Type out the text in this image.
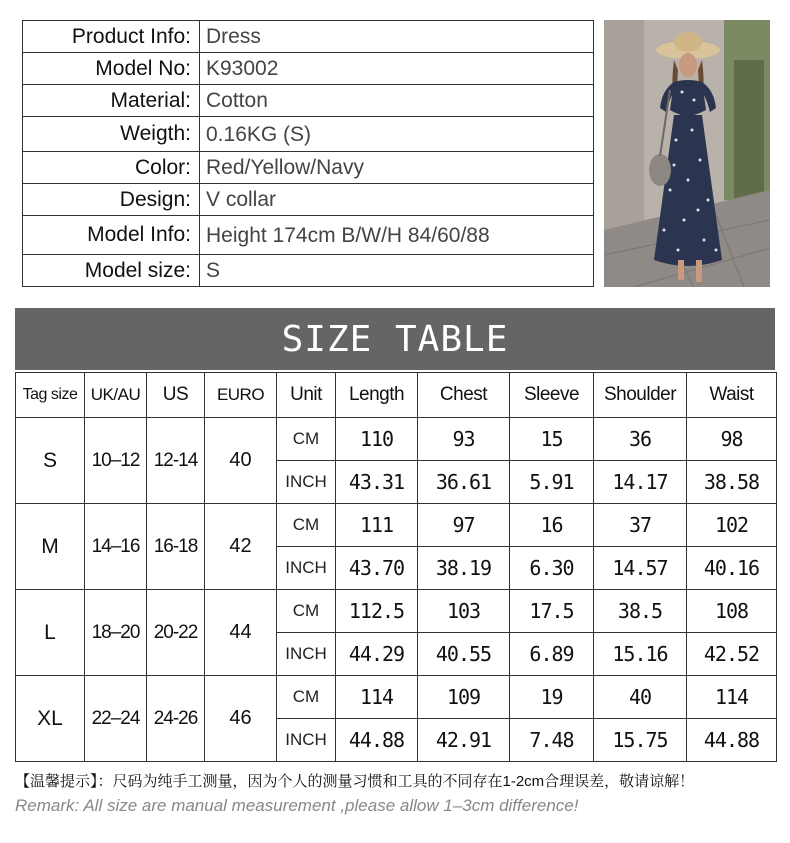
Product Info:	Dress
Model No:	K93002
Material:	Cotton
Weigth:	0.16KG (S)
Color:	Red/Yellow/Navy
Design:	V collar
Model Info:	Height 174cm B/W/H 84/60/88
Model size:	S
SIZE TABLE
Tag size	UK/AU	US	EURO	Unit	Length	Chest	Sleeve	Shoulder	Waist
S	10–12	12-14	40	CM	110	93	15	36	98
				INCH	43.31	36.61	5.91	14.17	38.58
M	14–16	16-18	42	CM	111	97	16	37	102
				INCH	43.70	38.19	6.30	14.57	40.16
L	18–20	20-22	44	CM	112.5	103	17.5	38.5	108
				INCH	44.29	40.55	6.89	15.16	42.52
XL	22–24	24-26	46	CM	114	109	19	40	114
				INCH	44.88	42.91	7.48	15.75	44.88
【温馨提示】：尺码为纯手工测量，因为个人的测量习惯和工具的不同存在1-2cm合理误差，敬请谅解！
Remark: All size are manual measurement ,please allow 1–3cm difference!
